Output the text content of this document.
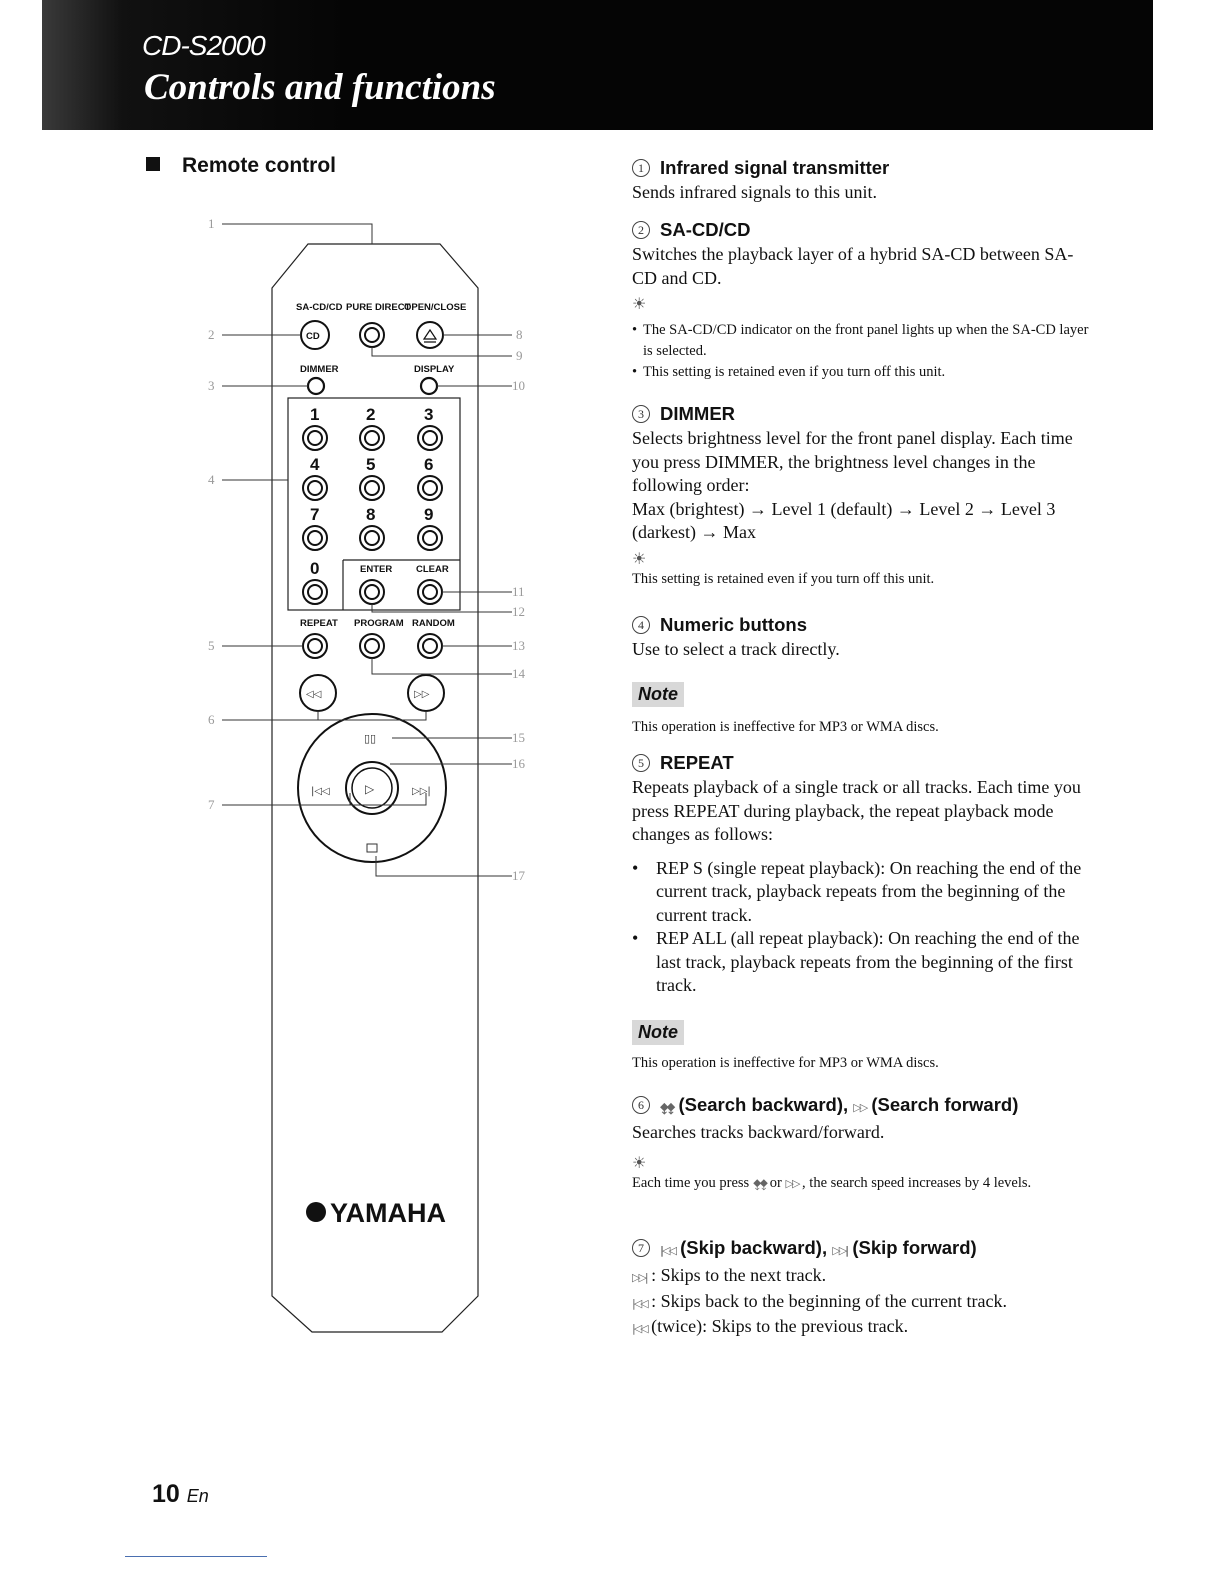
CD-S2000
Controls and functions
Remote control
SA-CD/CD PURE DIRECT
OPEN/CLOSE
CD
DIMMER	DISPLAY
1	2	3
4	5	6
7	8	9
0	ENTER	CLEAR
REPEAT PROGRAM RANDOM
◁◁	▷▷
▯▯
▷
|◁◁	▷▷|
YAMAHA
1
2
3
4
5
6
7
8
9
10
11
12
13
14
15
16
17
1 Infrared signal transmitter
Sends infrared signals to this unit.
2 SA-CD/CD
Switches the playback layer of a hybrid SA-CD between SA-CD and CD.
☀
• The SA-CD/CD indicator on the front panel lights up when the SA-CD layer is selected.
• This setting is retained even if you turn off this unit.
3 DIMMER
Selects brightness level for the front panel display. Each time you press DIMMER, the brightness level changes in the following order:
Max (brightest) → Level 1 (default) → Level 2 → Level 3 (darkest) → Max
☀
This setting is retained even if you turn off this unit.
4 Numeric buttons
Use to select a track directly.
Note
This operation is ineffective for MP3 or WMA discs.
5 REPEAT
Repeats playback of a single track or all tracks. Each time you press REPEAT during playback, the repeat playback mode changes as follows:
• REP S (single repeat playback): On reaching the end of the current track, playback repeats from the beginning of the current track.
• REP ALL (all repeat playback): On reaching the end of the last track, playback repeats from the beginning of the first track.
Note
This operation is ineffective for MP3 or WMA discs.
6 ⧪⧪ (Search backward), ▷▷ (Search forward)
Searches tracks backward/forward.
☀
Each time you press ⧪⧪ or ▷▷ , the search speed increases by 4 levels.
7 |◁◁ (Skip backward), ▷▷| (Skip forward)
▷▷| : Skips to the next track.
|◁◁ : Skips back to the beginning of the current track.
|◁◁ (twice): Skips to the previous track.
10 En
